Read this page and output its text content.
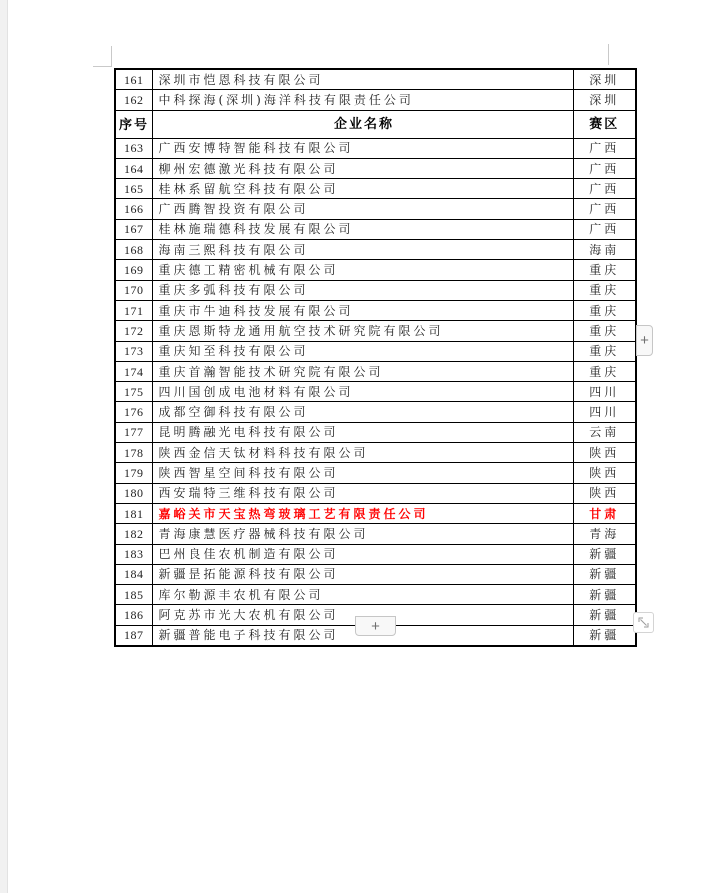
161	深圳市恺恩科技有限公司	深圳
162	中科探海(深圳)海洋科技有限责任公司	深圳
序号	企业名称	赛区
163	广西安博特智能科技有限公司	广西
164	柳州宏德激光科技有限公司	广西
165	桂林系留航空科技有限公司	广西
166	广西腾智投资有限公司	广西
167	桂林施瑞德科技发展有限公司	广西
168	海南三熙科技有限公司	海南
169	重庆德工精密机械有限公司	重庆
170	重庆多弧科技有限公司	重庆
171	重庆市牛迪科技发展有限公司	重庆
172	重庆恩斯特龙通用航空技术研究院有限公司	重庆
173	重庆知至科技有限公司	重庆
174	重庆首瀚智能技术研究院有限公司	重庆
175	四川国创成电池材料有限公司	四川
176	成都空御科技有限公司	四川
177	昆明腾融光电科技有限公司	云南
178	陕西金信天钛材料科技有限公司	陕西
179	陕西智星空间科技有限公司	陕西
180	西安瑞特三维科技有限公司	陕西
181	嘉峪关市天宝热弯玻璃工艺有限责任公司	甘肃
182	青海康慧医疗器械科技有限公司	青海
183	巴州良佳农机制造有限公司	新疆
184	新疆昰拓能源科技有限公司	新疆
185	库尔勒源丰农机有限公司	新疆
186	阿克苏市光大农机有限公司	新疆
187	新疆普能电子科技有限公司	新疆
+
+
